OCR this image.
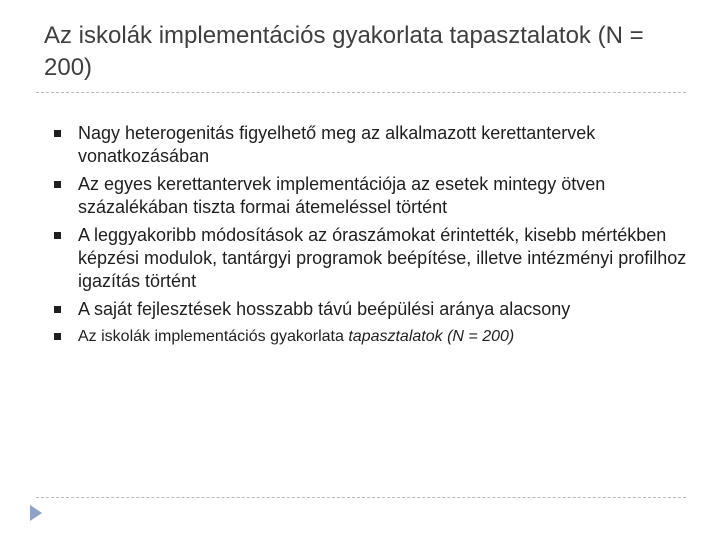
Az iskolák implementációs gyakorlata tapasztalatok (N = 200)
Nagy heterogenitás figyelhető meg az alkalmazott kerettantervek vonatkozásában
Az egyes kerettantervek implementációja az esetek mintegy ötven százalékában tiszta formai átemeléssel történt
A leggyakoribb módosítások az óraszámokat érintették, kisebb mértékben képzési modulok, tantárgyi programok beépítése, illetve intézményi profilhoz igazítás történt
A saját fejlesztések hosszabb távú beépülési aránya alacsony
Az iskolák implementációs gyakorlata tapasztalatok (N = 200)
